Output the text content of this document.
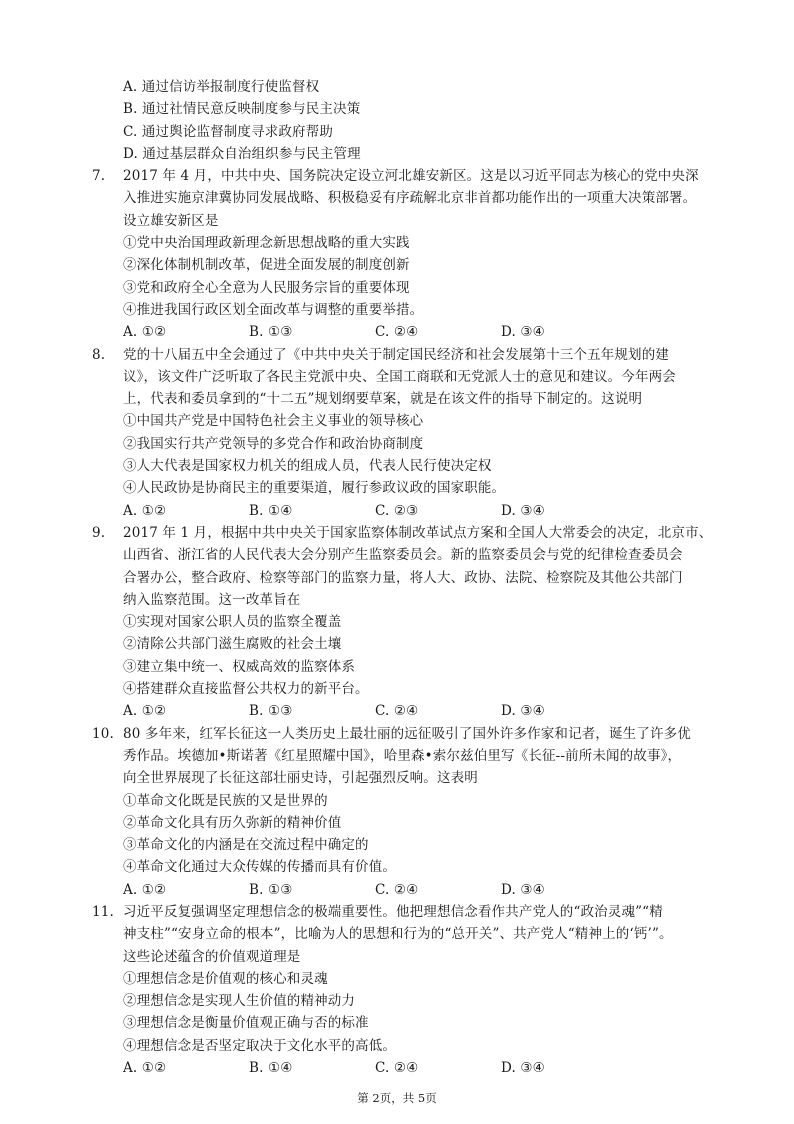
A. 通过信访举报制度行使监督权
B. 通过社情民意反映制度参与民主决策
C. 通过舆论监督制度寻求政府帮助
D. 通过基层群众自治组织参与民主管理
7. 2017 年 4 月，中共中央、国务院决定设立河北雄安新区。这是以习近平同志为核心的党中央深
入推进实施京津冀协同发展战略、积极稳妥有序疏解北京非首都功能作出的一项重大决策部署。
设立雄安新区是
①党中央治国理政新理念新思想战略的重大实践
②深化体制机制改革，促进全面发展的制度创新
③党和政府全心全意为人民服务宗旨的重要体现
④推进我国行政区划全面改革与调整的重要举措。
A. ①②	B. ①③	C. ②④	D. ③④
8. 党的十八届五中全会通过了《中共中央关于制定国民经济和社会发展第十三个五年规划的建
议》，该文件广泛听取了各民主党派中央、全国工商联和无党派人士的意见和建议。今年两会
上，代表和委员拿到的“十二五”规划纲要草案，就是在该文件的指导下制定的。这说明
①中国共产党是中国特色社会主义事业的领导核心
②我国实行共产党领导的多党合作和政治协商制度
③人大代表是国家权力机关的组成人员，代表人民行使决定权
④人民政协是协商民主的重要渠道，履行参政议政的国家职能。
A. ①②	B. ①④	C. ②③	D. ③④
9. 2017 年 1 月，根据中共中央关于国家监察体制改革试点方案和全国人大常委会的决定，北京市、
山西省、浙江省的人民代表大会分别产生监察委员会。新的监察委员会与党的纪律检查委员会
合署办公，整合政府、检察等部门的监察力量，将人大、政协、法院、检察院及其他公共部门
纳入监察范围。这一改革旨在
①实现对国家公职人员的监察全覆盖
②清除公共部门滋生腐败的社会土壤
③建立集中统一、权威高效的监察体系
④搭建群众直接监督公共权力的新平台。
A. ①②	B. ①③	C. ②④	D. ③④
10. 80 多年来，红军长征这一人类历史上最壮丽的远征吸引了国外许多作家和记者，诞生了许多优
秀作品。埃德加•斯诺著《红星照耀中国》，哈里森•索尔兹伯里写《长征--前所未闻的故事》，
向全世界展现了长征这部壮丽史诗，引起强烈反响。这表明
①革命文化既是民族的又是世界的
②革命文化具有历久弥新的精神价值
③革命文化的内涵是在交流过程中确定的
④革命文化通过大众传媒的传播而具有价值。
A. ①②	B. ①③	C. ②④	D. ③④
11. 习近平反复强调坚定理想信念的极端重要性。他把理想信念看作共产党人的“政治灵魂”“精
神支柱”“安身立命的根本”，比喻为人的思想和行为的“总开关”、共产党人“精神上的‘钙’”。
这些论述蕴含的价值观道理是
①理想信念是价值观的核心和灵魂
②理想信念是实现人生价值的精神动力
③理想信念是衡量价值观正确与否的标准
④理想信念是否坚定取决于文化水平的高低。
A. ①②	B. ①④	C. ②④	D. ③④
第 2页，共 5页
